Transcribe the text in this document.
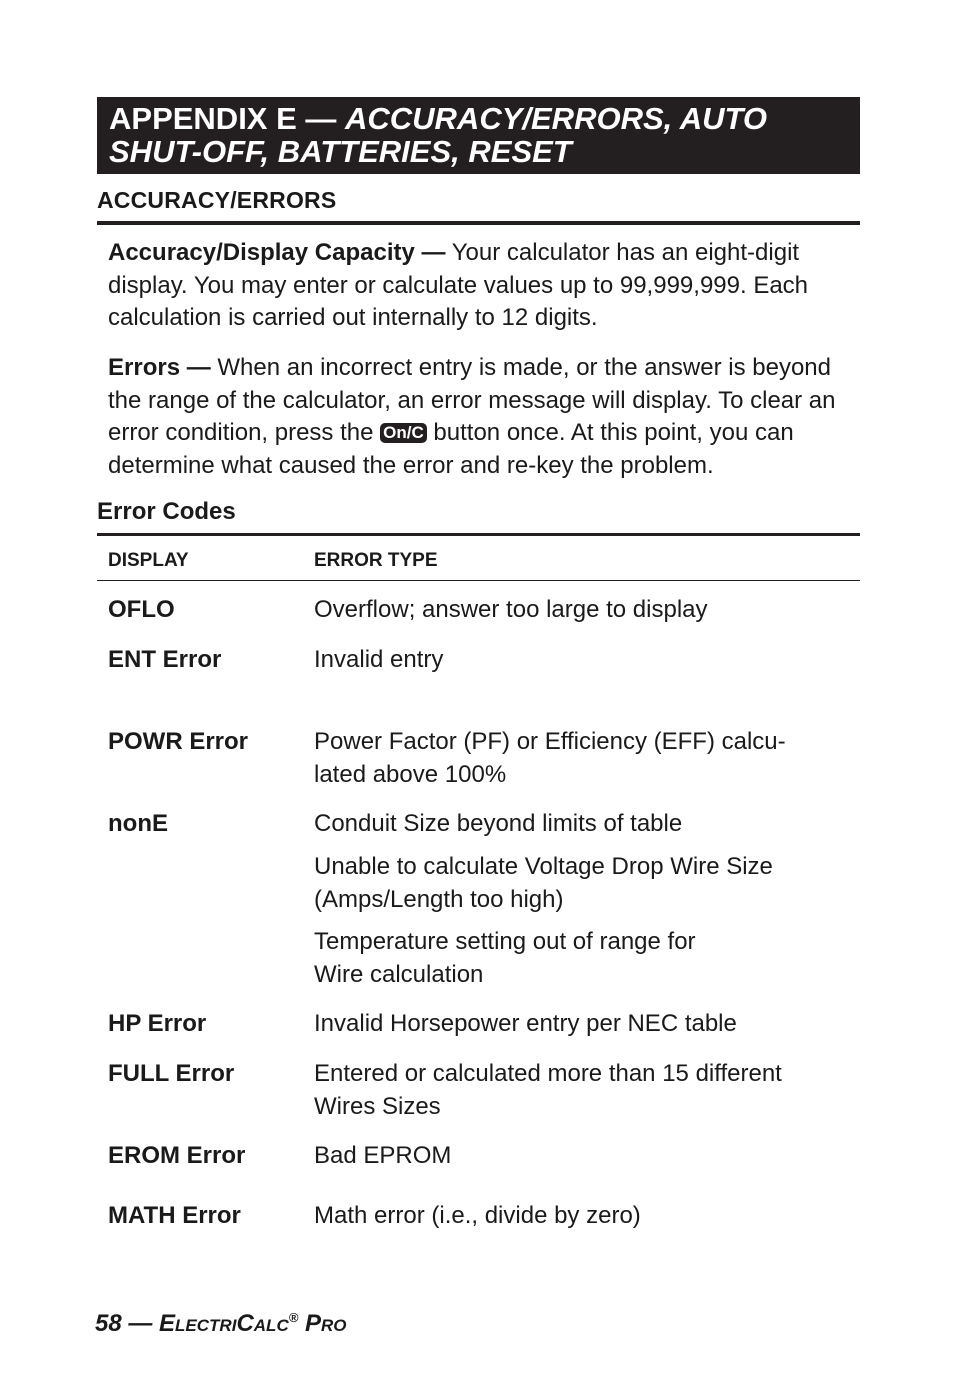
APPENDIX E — ACCURACY/ERRORS, AUTO
SHUT-OFF, BATTERIES, RESET
ACCURACY/ERRORS
Accuracy/Display Capacity — Your calculator has an eight-digit display. You may enter or calculate values up to 99,999,999. Each calculation is carried out internally to 12 digits.
Errors — When an incorrect entry is made, or the answer is beyond the range of the calculator, an error message will display. To clear an error condition, press the On/C button once. At this point, you can determine what caused the error and re-key the problem.
Error Codes
DISPLAY	ERROR TYPE
OFLO	Overflow; answer too large to display
ENT Error	Invalid entry
POWR Error	Power Factor (PF) or Efficiency (EFF) calcu-
lated above 100%
nonE	Conduit Size beyond limits of table
Unable to calculate Voltage Drop Wire Size
(Amps/Length too high)
Temperature setting out of range for
Wire calculation
HP Error	Invalid Horsepower entry per NEC table
FULL Error	Entered or calculated more than 15 different
Wires Sizes
EROM Error	Bad EPROM
MATH Error	Math error (i.e., divide by zero)
58 — ELECTRICALC® PRO
